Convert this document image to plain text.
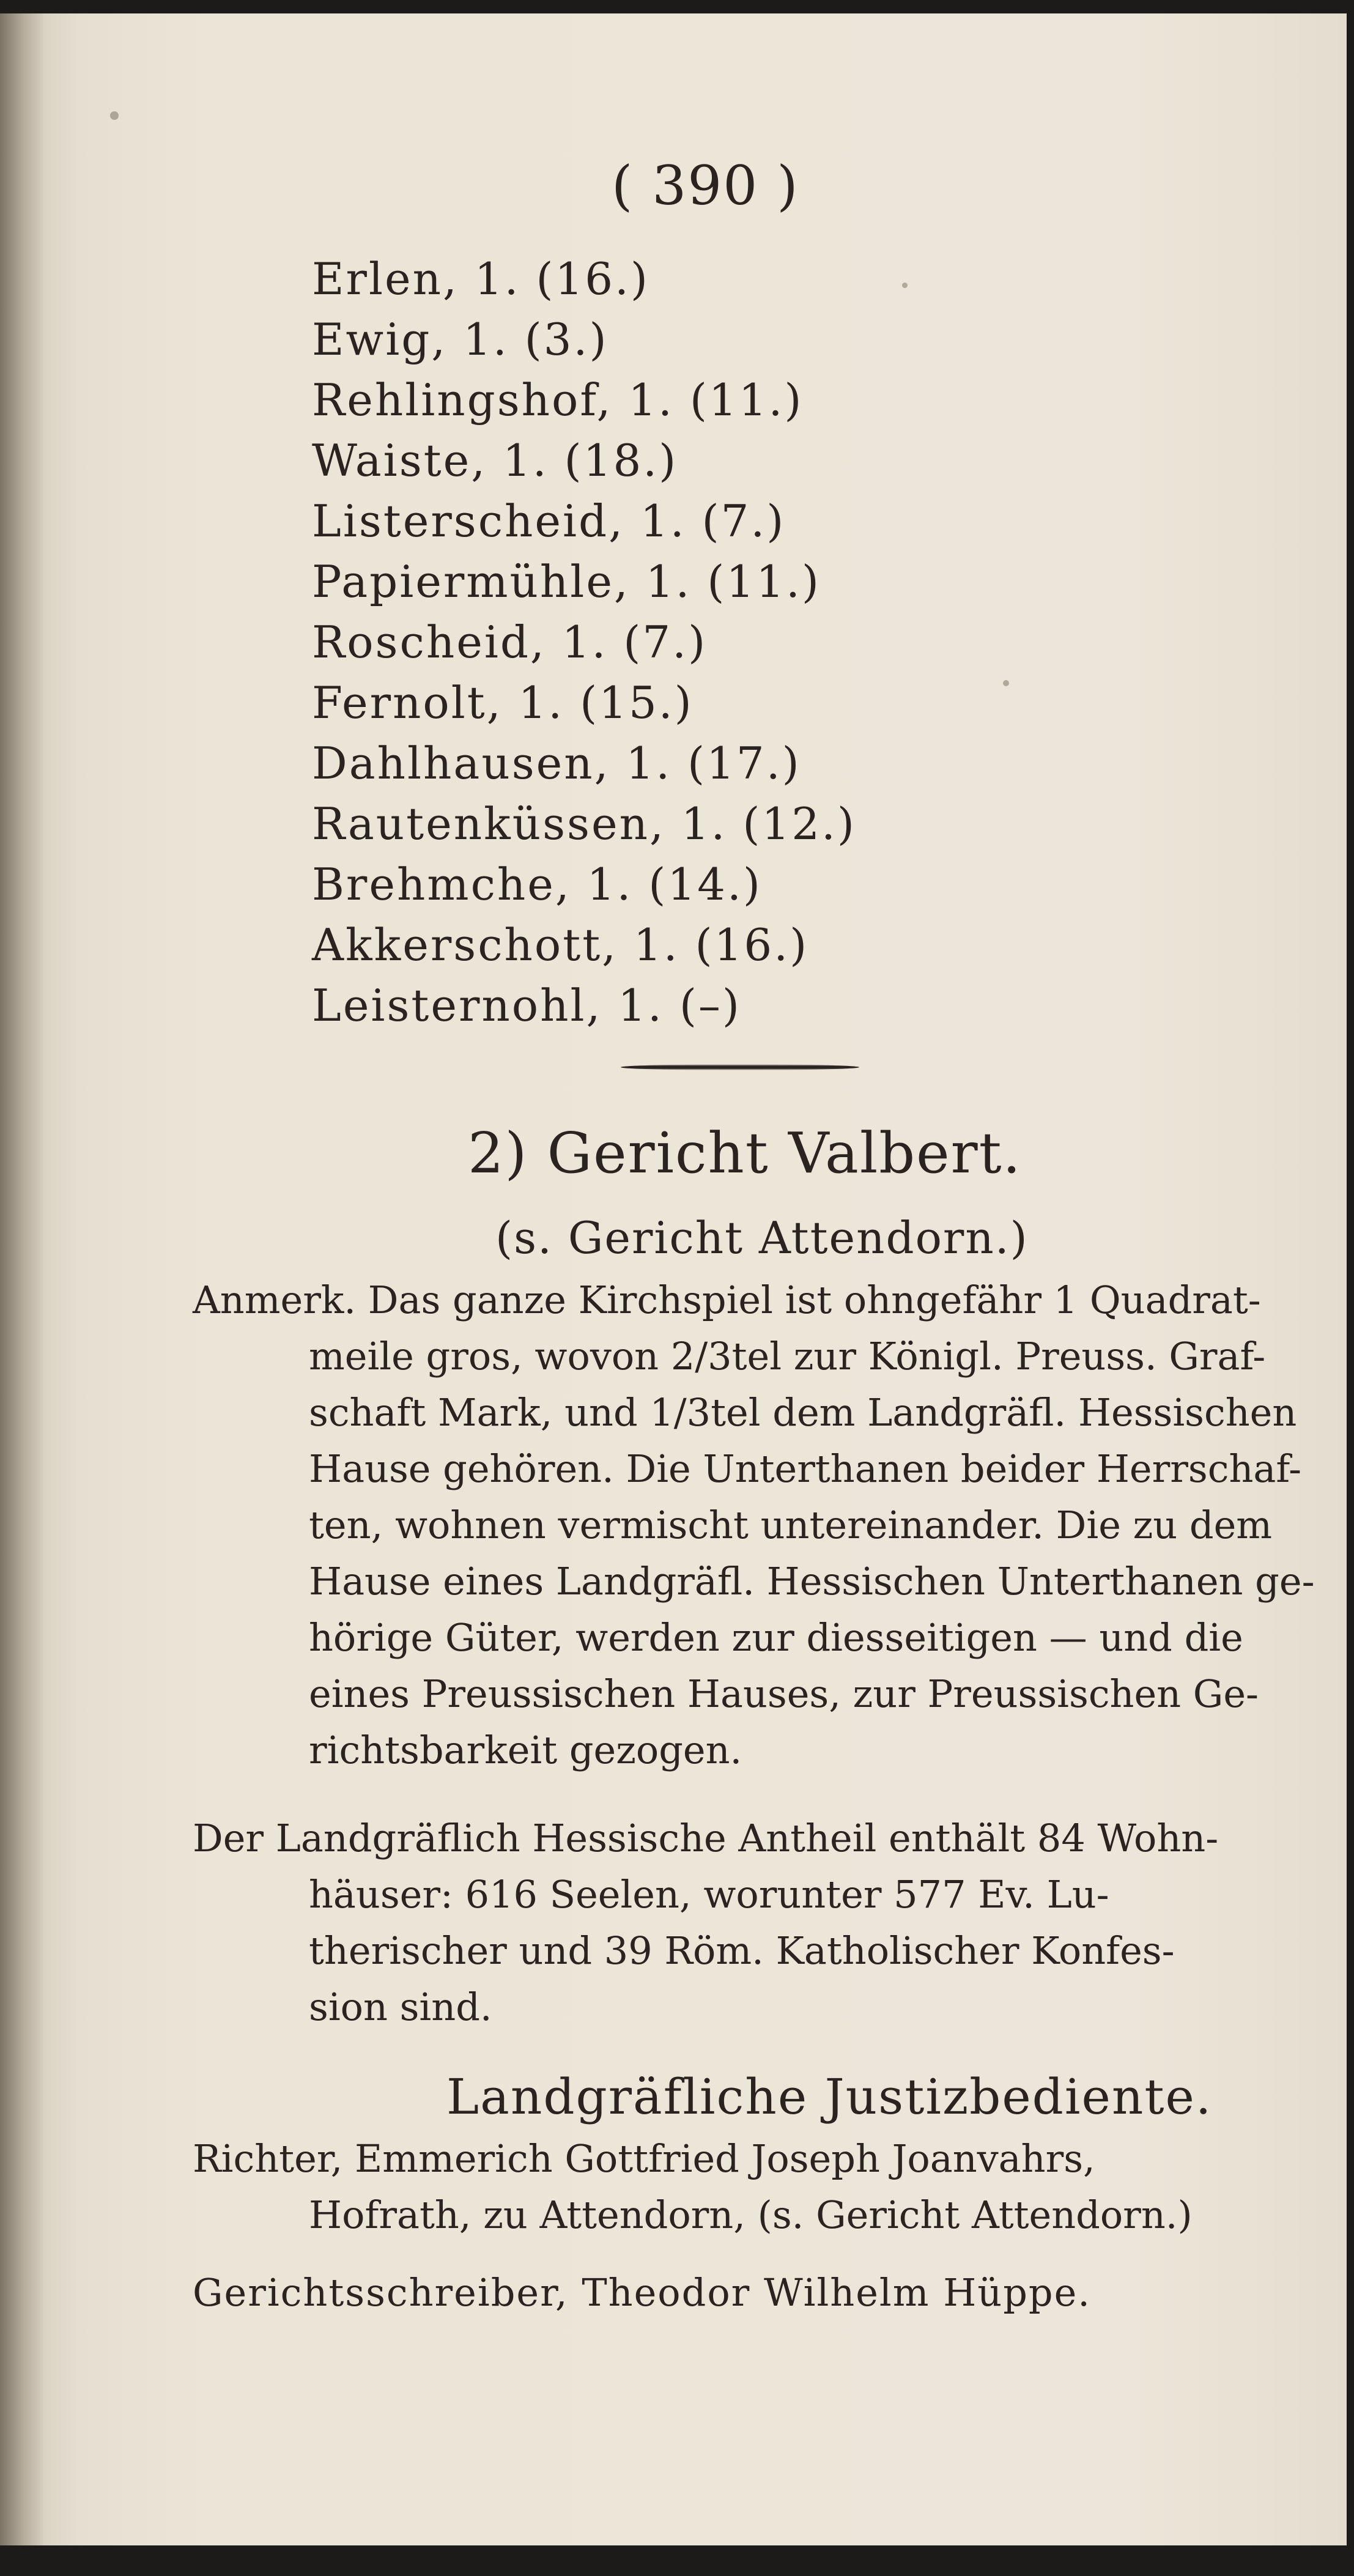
( 390 )
Erlen, 1. (16.)
Ewig, 1. (3.)
Rehlingshof, 1. (11.)
Waiste, 1. (18.)
Listerscheid, 1. (7.)
Papiermühle, 1. (11.)
Roscheid, 1. (7.)
Fernolt, 1. (15.)
Dahlhausen, 1. (17.)
Rautenküssen, 1. (12.)
Brehmche, 1. (14.)
Akkerschott, 1. (16.)
Leisternohl, 1. (–)
2) Gericht Valbert.
(s. Gericht Attendorn.)
Anmerk. Das ganze Kirchspiel ist ohngefähr 1 Quadrat-
meile gros, wovon 2/3tel zur Königl. Preuss. Graf-
schaft Mark, und 1/3tel dem Landgräfl. Hessischen
Hause gehören. Die Unterthanen beider Herrschaf-
ten, wohnen vermischt untereinander. Die zu dem
Hause eines Landgräfl. Hessischen Unterthanen ge-
hörige Güter, werden zur diesseitigen — und die
eines Preussischen Hauses, zur Preussischen Ge-
richtsbarkeit gezogen.
Der Landgräflich Hessische Antheil enthält 84 Wohn-
häuser: 616 Seelen, worunter 577 Ev. Lu-
therischer und 39 Röm. Katholischer Konfes-
sion sind.
Landgräfliche Justizbediente.
Richter, Emmerich Gottfried Joseph Joanvahrs,
Hofrath, zu Attendorn, (s. Gericht Attendorn.)
Gerichtsschreiber, Theodor Wilhelm Hüppe.
